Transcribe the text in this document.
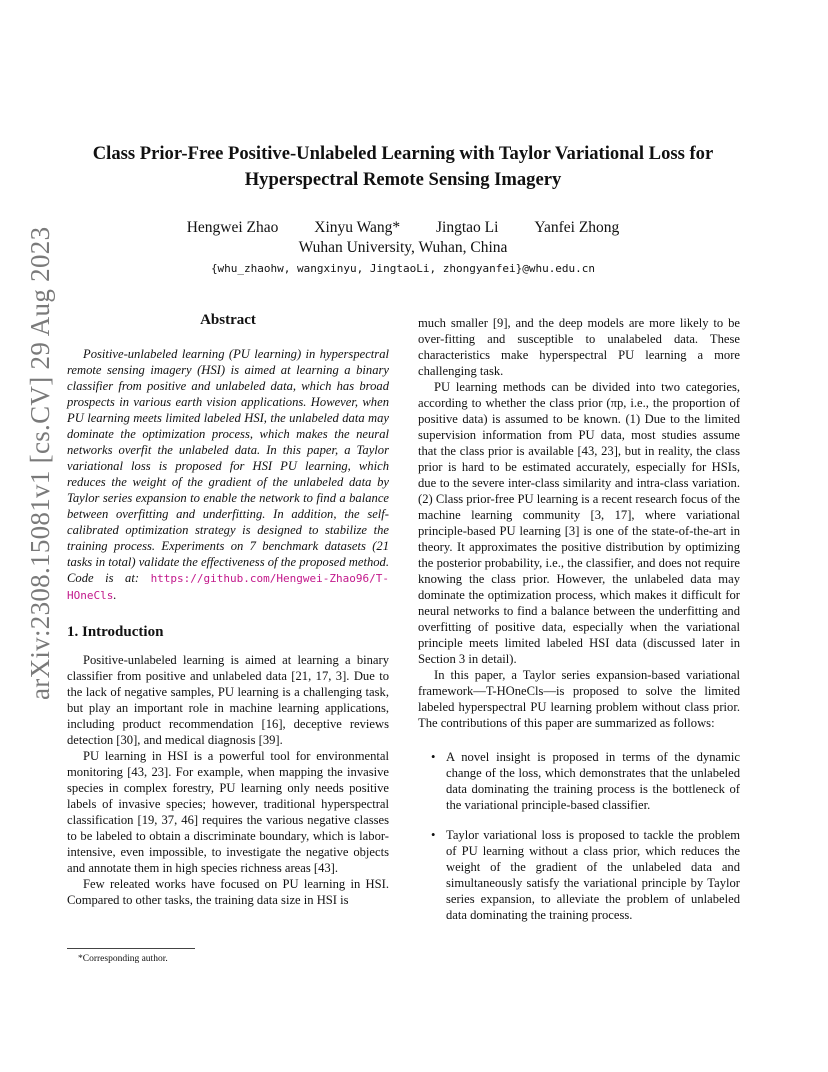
arXiv:2308.15081v1 [cs.CV] 29 Aug 2023
Class Prior-Free Positive-Unlabeled Learning with Taylor Variational Loss for Hyperspectral Remote Sensing Imagery
Hengwei Zhao Xinyu Wang* Jingtao Li Yanfei Zhong
Wuhan University, Wuhan, China
{whu_zhaohw, wangxinyu, JingtaoLi, zhongyanfei}@whu.edu.cn
Abstract

Positive-unlabeled learning (PU learning) in hyperspectral remote sensing imagery (HSI) is aimed at learning a binary classifier from positive and unlabeled data, which has broad prospects in various earth vision applications. However, when PU learning meets limited labeled HSI, the unlabeled data may dominate the optimization process, which makes the neural networks overfit the unlabeled data. In this paper, a Taylor variational loss is proposed for HSI PU learning, which reduces the weight of the gradient of the unlabeled data by Taylor series expansion to enable the network to find a balance between overfitting and underfitting. In addition, the self-calibrated optimization strategy is designed to stabilize the training process. Experiments on 7 benchmark datasets (21 tasks in total) validate the effectiveness of the proposed method. Code is at: https://github.com/Hengwei-Zhao96/T-HOneCls.

1. Introduction

Positive-unlabeled learning is aimed at learning a binary classifier from positive and unlabeled data [21, 17, 3]. Due to the lack of negative samples, PU learning is a challenging task, but play an important role in machine learning applications, including product recommendation [16], deceptive reviews detection [30], and medical diagnosis [39].

PU learning in HSI is a powerful tool for environmental monitoring [43, 23]. For example, when mapping the invasive species in complex forestry, PU learning only needs positive labels of invasive species; however, traditional hyperspectral classification [19, 37, 46] requires the various negative classes to be labeled to obtain a discriminate boundary, which is labor-intensive, even impossible, to investigate the negative objects and annotate them in high species richness areas [43].

Few releated works have focused on PU learning in HSI. Compared to other tasks, the training data size in HSI is

much smaller [9], and the deep models are more likely to be over-fitting and susceptible to unalabeled data. These characteristics make hyperspectral PU learning a more challenging task.

PU learning methods can be divided into two categories, according to whether the class prior (πp, i.e., the proportion of positive data) is assumed to be known. (1) Due to the limited supervision information from PU data, most studies assume that the class prior is available [43, 23], but in reality, the class prior is hard to be estimated accurately, especially for HSIs, due to the severe inter-class similarity and intra-class variation. (2) Class prior-free PU learning is a recent research focus of the machine learning community [3, 17], where variational principle-based PU learning [3] is one of the state-of-the-art in theory. It approximates the positive distribution by optimizing the posterior probability, i.e., the classifier, and does not require knowing the class prior. However, the unlabeled data may dominate the optimization process, which makes it difficult for neural networks to find a balance between the underfitting and overfitting of positive data, especially when the variational principle meets limited labeled HSI data (discussed later in Section 3 in detail).

In this paper, a Taylor series expansion-based variational framework—T-HOneCls—is proposed to solve the limited labeled hyperspectral PU learning problem without class prior. The contributions of this paper are summarized as follows:

• A novel insight is proposed in terms of the dynamic change of the loss, which demonstrates that the unlabeled data dominating the training process is the bottleneck of the variational principle-based classifier.
• Taylor variational loss is proposed to tackle the problem of PU learning without a class prior, which reduces the weight of the gradient of the unlabeled data and simultaneously satisfy the variational principle by Taylor series expansion, to alleviate the problem of unlabeled data dominating the training process.
*Corresponding author.
